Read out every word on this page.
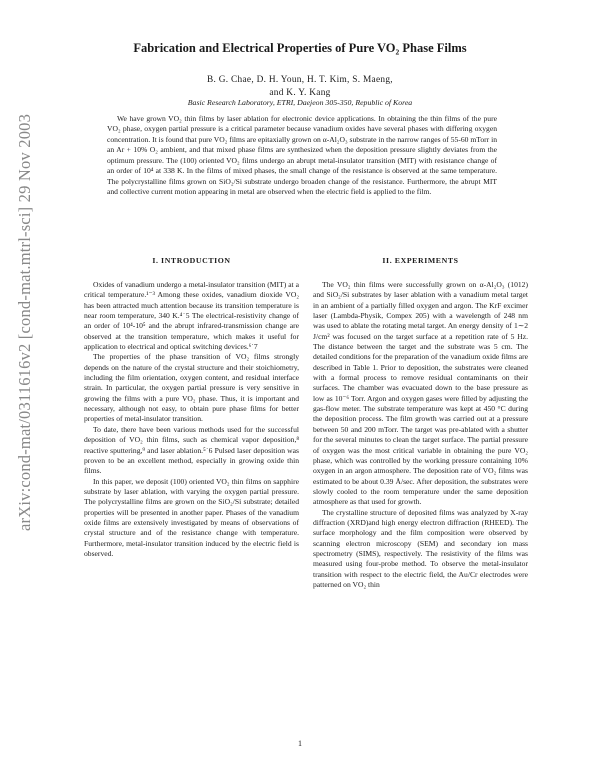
arXiv:cond-mat/0311616v2 [cond-mat.mtrl-sci] 29 Nov 2003
Fabrication and Electrical Properties of Pure VO₂ Phase Films
B. G. Chae, D. H. Youn, H. T. Kim, S. Maeng,
and K. Y. Kang
Basic Research Laboratory, ETRI, Daejeon 305-350, Republic of Korea

We have grown VO₂ thin films by laser ablation for electronic device applications. In obtaining the thin films of the pure VO₂ phase, oxygen partial pressure is a critical parameter because vanadium oxides have several phases with differing oxygen concentration. It is found that pure VO₂ films are epitaxially grown on α-Al₂O₃ substrate in the narrow ranges of 55-60 mTorr in an Ar + 10% O₂ ambient, and that mixed phase films are synthesized when the deposition pressure slightly deviates from the optimum pressure. The (100) oriented VO₂ films undergo an abrupt metal-insulator transition (MIT) with resistance change of an order of 10⁴ at 338 K. In the films of mixed phases, the small change of the resistance is observed at the same temperature. The polycrystalline films grown on SiO₂/Si substrate undergo broaden change of the resistance. Furthermore, the abrupt MIT and collective current motion appearing in metal are observed when the electric field is applied to the film.

I. INTRODUCTION

Oxides of vanadium undergo a metal-insulator transition (MIT) at a critical temperature.¹⁻³ Among these oxides, vanadium dioxide VO₂ has been attracted much attention because its transition temperature is near room temperature, 340 K.⁴˙5 The electrical-resistivity change of an order of 10⁴-10⁵ and the abrupt infrared-transmission change are observed at the transition temperature, which makes it useful for application to electrical and optical switching devices.⁶˙7

The properties of the phase transition of VO₂ films strongly depends on the nature of the crystal structure and their stoichiometry, including the film orientation, oxygen content, and residual interface strain. In particular, the oxygen partial pressure is very sensitive in growing the films with a pure VO₂ phase. Thus, it is important and necessary, although not easy, to obtain pure phase films for better properties of metal-insulator transition.

To date, there have been various methods used for the successful deposition of VO₂ thin films, such as chemical vapor deposition,⁸ reactive sputtering,⁹ and laser ablation.⁵˙6 Pulsed laser deposition was proven to be an excellent method, especially in growing oxide thin films.

In this paper, we deposit (100) oriented VO₂ thin films on sapphire substrate by laser ablation, with varying the oxygen partial pressure. The polycrystalline films are grown on the SiO₂/Si substrate; detailed properties will be presented in another paper. Phases of the vanadium oxide films are extensively investigated by means of observations of crystal structure and of the resistance change with temperature. Furthermore, metal-insulator transition induced by the electric field is observed.

II. EXPERIMENTS

The VO₂ thin films were successfully grown on α-Al₂O₃ (1012) and SiO₂/Si substrates by laser ablation with a vanadium metal target in an ambient of a partially filled oxygen and argon. The KrF excimer laser (Lambda-Physik, Compex 205) with a wavelength of 248 nm was used to ablate the rotating metal target. An energy density of 1∼2 J/cm² was focused on the target surface at a repetition rate of 5 Hz. The distance between the target and the substrate was 5 cm. The detailed conditions for the preparation of the vanadium oxide films are described in Table 1. Prior to deposition, the substrates were cleaned with a formal process to remove residual contaminants on their surfaces. The chamber was evacuated down to the base pressure as low as 10⁻⁶ Torr. Argon and oxygen gases were filled by adjusting the gas-flow meter. The substrate temperature was kept at 450 °C during the deposition process. The film growth was carried out at a pressure between 50 and 200 mTorr. The target was pre-ablated with a shutter for the several minutes to clean the target surface. The partial pressure of oxygen was the most critical variable in obtaining the pure VO₂ phase, which was controlled by the working pressure containing 10% oxygen in an argon atmosphere. The deposition rate of VO₂ films was estimated to be about 0.39 Å/sec. After deposition, the substrates were slowly cooled to the room temperature under the same deposition atmosphere as that used for growth.

The crystalline structure of deposited films was analyzed by X-ray diffraction (XRD)and high energy electron diffraction (RHEED). The surface morphology and the film composition were observed by scanning electron microscopy (SEM) and secondary ion mass spectrometry (SIMS), respectively. The resistivity of the films was measured using four-probe method. To observe the metal-insulator transition with respect to the electric field, the Au/Cr electrodes were patterned on VO₂ thin

1
